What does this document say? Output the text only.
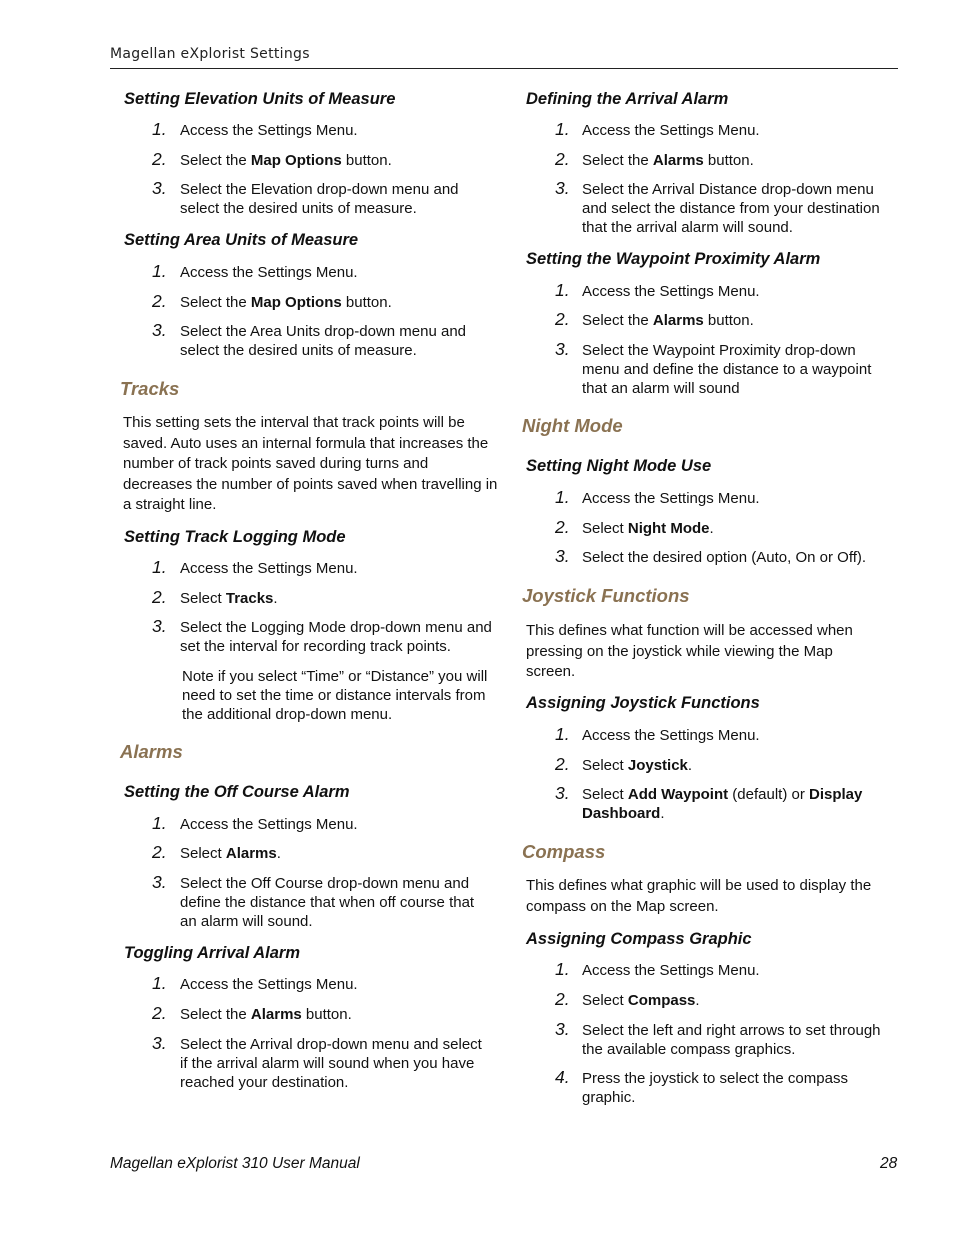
Magellan eXplorist Settings
Setting Elevation Units of Measure
1. Access the Settings Menu.
2. Select the Map Options button.
3. Select the Elevation drop-down menu and select the desired units of measure.
Setting Area Units of Measure
1. Access the Settings Menu.
2. Select the Map Options button.
3. Select the Area Units drop-down menu and select the desired units of measure.
Tracks
This setting sets the interval that track points will be saved. Auto uses an internal formula that increases the number of track points saved during turns and decreases the number of points saved when travelling in a straight line.
Setting Track Logging Mode
1. Access the Settings Menu.
2. Select Tracks.
3. Select the Logging Mode drop-down menu and set the interval for recording track points.
Note if you select “Time” or “Distance” you will need to set the time or distance intervals from the additional drop-down menu.
Alarms
Setting the Off Course Alarm
1. Access the Settings Menu.
2. Select Alarms.
3. Select the Off Course drop-down menu and define the distance that when off course that an alarm will sound.
Toggling Arrival Alarm
1. Access the Settings Menu.
2. Select the Alarms button.
3. Select the Arrival drop-down menu and select if the arrival alarm will sound when you have reached your destination.
Defining the Arrival Alarm
1. Access the Settings Menu.
2. Select the Alarms button.
3. Select the Arrival Distance drop-down menu and select the distance from your destination that the arrival alarm will sound.
Setting the Waypoint Proximity Alarm
1. Access the Settings Menu.
2. Select the Alarms button.
3. Select the Waypoint Proximity drop-down menu and define the distance to a waypoint that an alarm will sound
Night Mode
Setting Night Mode Use
1. Access the Settings Menu.
2. Select Night Mode.
3. Select the desired option (Auto, On or Off).
Joystick Functions
This defines what function will be accessed when pressing on the joystick while viewing the Map screen.
Assigning Joystick Functions
1. Access the Settings Menu.
2. Select Joystick.
3. Select Add Waypoint (default) or Display Dashboard.
Compass
This defines what graphic will be used to display the compass on the Map screen.
Assigning Compass Graphic
1. Access the Settings Menu.
2. Select Compass.
3. Select the left and right arrows to set through the available compass graphics.
4. Press the joystick to select the compass graphic.
Magellan eXplorist 310 User Manual	28
